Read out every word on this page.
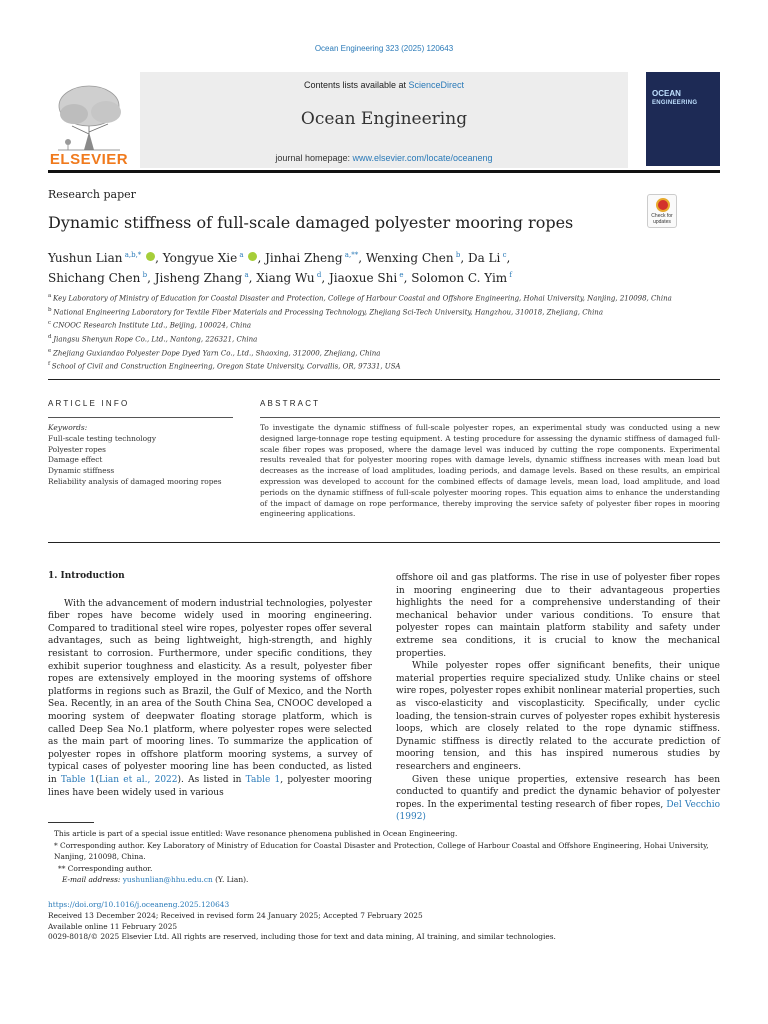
Ocean Engineering 323 (2025) 120643
ELSEVIER
Contents lists available at ScienceDirect
Ocean Engineering
journal homepage: www.elsevier.com/locate/oceaneng
OCEAN
ENGINEERING
Research paper
Dynamic stiffness of full-scale damaged polyester mooring ropes	Check for
updates
Yushun Lian $^{a,b,*}$ , Yongyue Xie $^a$ , Jinhai Zheng $^{a,**}$, Wenxing Chen $^b$, Da Li $^c$,
Shichang Chen $^b$, Jisheng Zhang $^a$, Xiang Wu $^d$, Jiaoxue Shi $^e$, Solomon C. Yim $^f$
$^a$ Key Laboratory of Ministry of Education for Coastal Disaster and Protection, College of Harbour Coastal and Offshore Engineering, Hohai University, Nanjing, 210098, China
$^b$ National Engineering Laboratory for Textile Fiber Materials and Processing Technology, Zhejiang Sci-Tech University, Hangzhou, 310018, Zhejiang, China
$^c$ CNOOC Research Institute Ltd., Beijing, 100024, China
$^d$ Jiangsu Shenyun Rope Co., Ltd., Nantong, 226321, China
$^e$ Zhejiang Guxiandao Polyester Dope Dyed Yarn Co., Ltd., Shaoxing, 312000, Zhejiang, China
$^f$ School of Civil and Construction Engineering, Oregon State University, Corvallis, OR, 97331, USA
ARTICLE INFO	ABSTRACT
Keywords:
Full-scale testing technology
Polyester ropes
Damage effect
Dynamic stiffness
Reliability analysis of damaged mooring ropes
To investigate the dynamic stiffness of full-scale polyester ropes, an experimental study was conducted using a new designed large-tonnage rope testing equipment. A testing procedure for assessing the dynamic stiffness of damaged full-scale fiber ropes was proposed, where the damage level was induced by cutting the rope components. Experimental results revealed that for polyester mooring ropes with damage levels, dynamic stiffness increases with mean load but decreases as the increase of load amplitudes, loading periods, and damage levels. Based on these results, an empirical expression was developed to account for the combined effects of damage levels, mean load, load amplitude, and load periods on the dynamic stiffness of full-scale polyester mooring ropes. This equation aims to enhance the understanding of the impact of damage on rope performance, thereby improving the service safety of polyester fiber ropes in mooring engineering applications.
1. Introduction

With the advancement of modern industrial technologies, polyester fiber ropes have become widely used in mooring engineering. Compared to traditional steel wire ropes, polyester ropes offer several advantages, such as being lightweight, high-strength, and highly resistant to corrosion. Furthermore, under specific conditions, they exhibit superior toughness and elasticity. As a result, polyester fiber ropes are extensively employed in the mooring systems of offshore platforms in regions such as Brazil, the Gulf of Mexico, and the North Sea. Recently, in an area of the South China Sea, CNOOC developed a mooring system of deepwater floating storage platform, which is called Deep Sea No.1 platform, where polyester ropes were selected as the main part of mooring lines. To summarize the application of polyester ropes in offshore platform mooring systems, a survey of typical cases of polyester mooring line has been conducted, as listed in Table 1(Lian et al., 2022). As listed in Table 1, polyester mooring lines have been widely used in various

offshore oil and gas platforms. The rise in use of polyester fiber ropes in mooring engineering due to their advantageous properties highlights the need for a comprehensive understanding of their mechanical behavior under various conditions. To ensure that polyester ropes can maintain platform stability and safety under extreme sea conditions, it is crucial to know the mechanical properties.

While polyester ropes offer significant benefits, their unique material properties require specialized study. Unlike chains or steel wire ropes, polyester ropes exhibit nonlinear material properties, such as visco-elasticity and viscoplasticity. Specifically, under cyclic loading, the tension-strain curves of polyester ropes exhibit hysteresis loops, which are closely related to the rope dynamic stiffness. Dynamic stiffness is directly related to the accurate prediction of mooring tension, and this has inspired numerous studies by researchers and engineers.

Given these unique properties, extensive research has been conducted to quantify and predict the dynamic behavior of polyester ropes. In the experimental testing research of fiber ropes, Del Vecchio (1992)

This article is part of a special issue entitled: Wave resonance phenomena published in Ocean Engineering.
* Corresponding author. Key Laboratory of Ministry of Education for Coastal Disaster and Protection, College of Harbour Coastal and Offshore Engineering, Hohai University, Nanjing, 210098, China.
** Corresponding author.
E-mail address: yushunlian@hhu.edu.cn (Y. Lian).
https://doi.org/10.1016/j.oceaneng.2025.120643
Received 13 December 2024; Received in revised form 24 January 2025; Accepted 7 February 2025
Available online 11 February 2025
0029-8018/© 2025 Elsevier Ltd. All rights are reserved, including those for text and data mining, AI training, and similar technologies.
